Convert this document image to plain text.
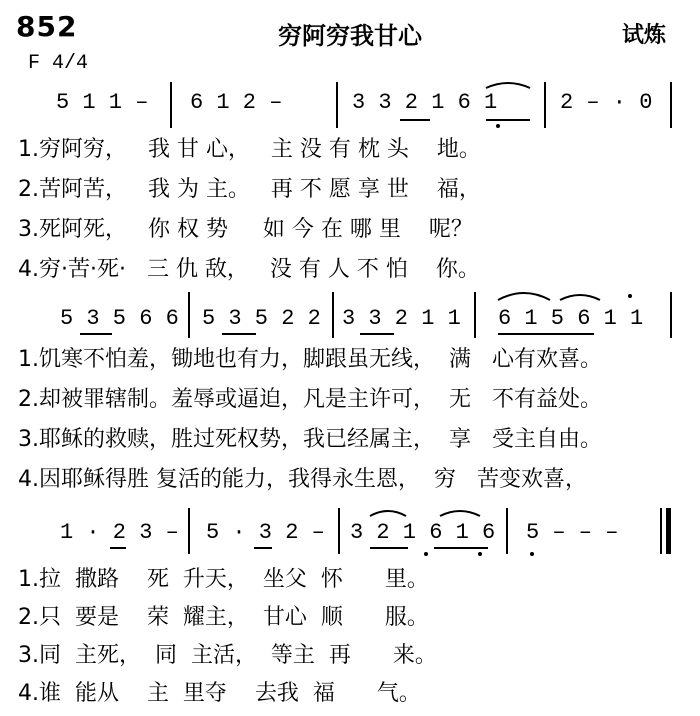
852	穷阿穷我甘心	试炼
F 4/4
5 1 1 – 6 1 2 –	3 3 2 1 6 1	2 – · 0
1.穷阿穷，   我 甘 心，   主 没 有 枕 头    地。
2.苦阿苦，   我 为 主。   再 不 愿 享 世    福，
3.死阿死，   你 权 势     如 今 在 哪 里    呢？
4.穷·苦·死·   三 仇 敌，   没 有 人 不 怕    你。
5 3 5 6 6 5 3 5 2 2 3 3 2 1 1 6 1 5 6 1 1
1.饥寒不怕羞，锄地也有力，脚跟虽无线，  满   心有欢喜。
2.却被罪辖制。羞辱或逼迫，凡是主许可，  无   不有益处。
3.耶稣的救赎，胜过死权势，我已经属主，  享   受主自由。
4.因耶稣得胜 复活的能力，我得永生恩，  穷   苦变欢喜，
1 · 2 3 – 5 · 3 2 – 3 2 1 6 1 6 5 – – –
1.拉  撒路    死  升天，  坐父  怀      里。
2.只  要是    荣  耀主，  甘心  顺      服。
3.同  主死，  同  主活，  等主  再      来。
4.谁  能从    主  里夺    去我  福      气。
